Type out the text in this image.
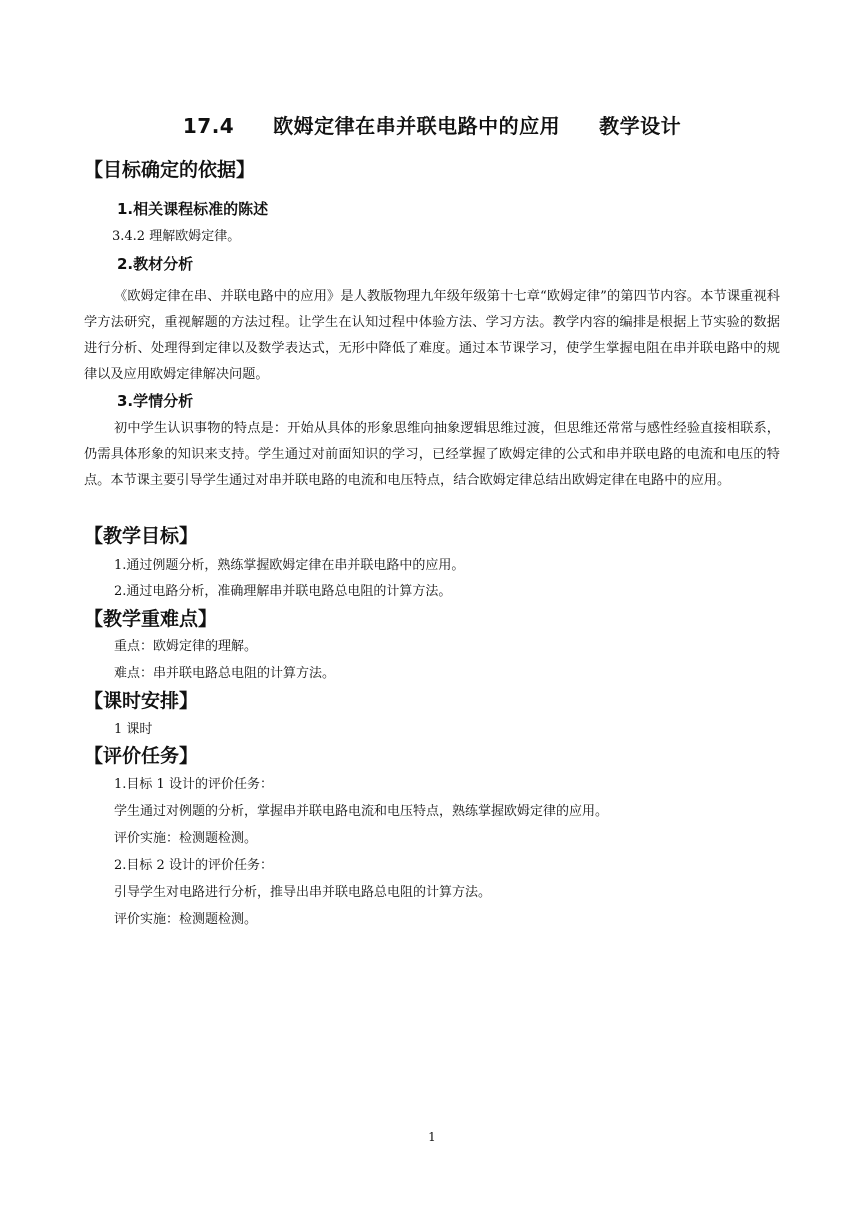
17.4 欧姆定律在串并联电路中的应用 教学设计
【目标确定的依据】
1.相关课程标准的陈述
3.4.2 理解欧姆定律。
2.教材分析
《欧姆定律在串、并联电路中的应用》是人教版物理九年级年级第十七章“欧姆定律”的第四节内容。本节课重视科学方法研究，重视解题的方法过程。让学生在认知过程中体验方法、学习方法。教学内容的编排是根据上节实验的数据进行分析、处理得到定律以及数学表达式，无形中降低了难度。通过本节课学习，使学生掌握电阻在串并联电路中的规律以及应用欧姆定律解决问题。
3.学情分析
初中学生认识事物的特点是：开始从具体的形象思维向抽象逻辑思维过渡，但思维还常常与感性经验直接相联系，仍需具体形象的知识来支持。学生通过对前面知识的学习，已经掌握了欧姆定律的公式和串并联电路的电流和电压的特点。本节课主要引导学生通过对串并联电路的电流和电压特点，结合欧姆定律总结出欧姆定律在电路中的应用。
【教学目标】
1.通过例题分析，熟练掌握欧姆定律在串并联电路中的应用。
2.通过电路分析，准确理解串并联电路总电阻的计算方法。
【教学重难点】
重点：欧姆定律的理解。
难点：串并联电路总电阻的计算方法。
【课时安排】
1 课时
【评价任务】
1.目标 1 设计的评价任务：
学生通过对例题的分析，掌握串并联电路电流和电压特点，熟练掌握欧姆定律的应用。
评价实施：检测题检测。
2.目标 2 设计的评价任务：
引导学生对电路进行分析，推导出串并联电路总电阻的计算方法。
评价实施：检测题检测。
1
